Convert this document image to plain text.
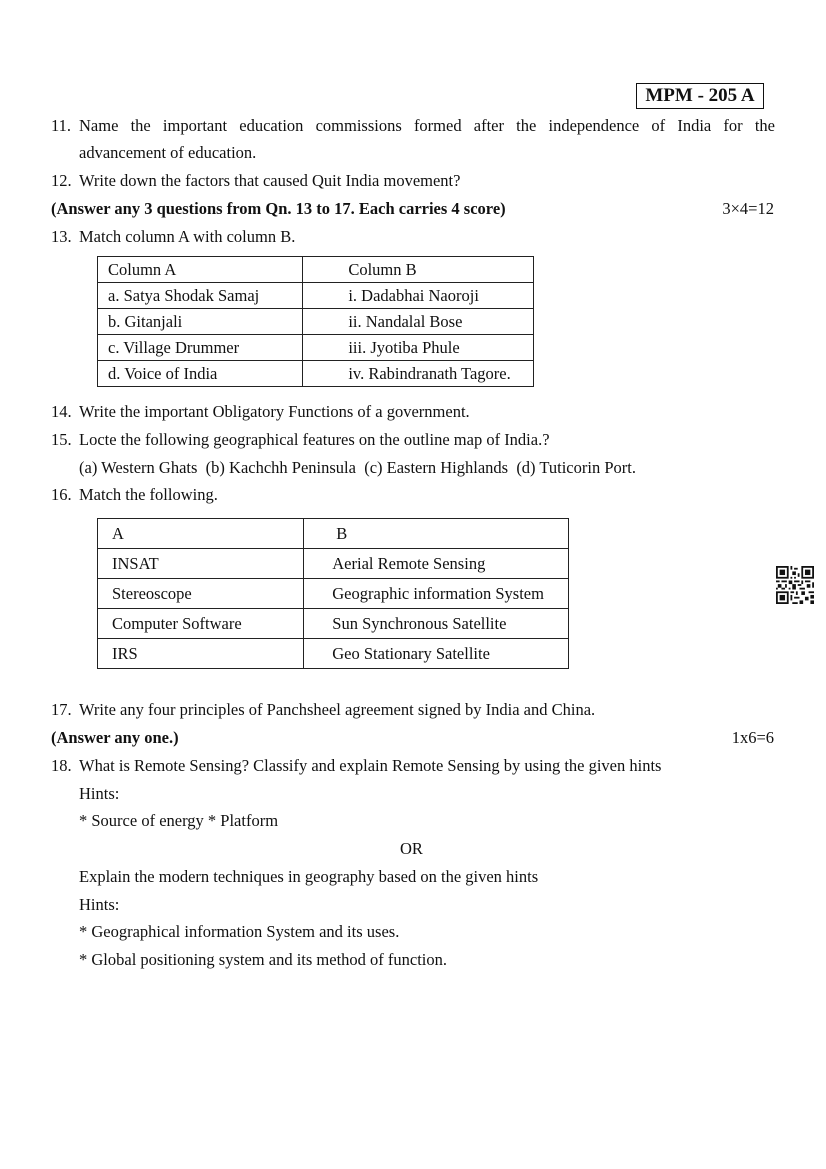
MPM - 205 A
11. Name the important education commissions formed after the independence of India for the
advancement of education.
12. Write down the factors that caused Quit India movement?
(Answer any 3 questions from Qn. 13 to 17. Each carries 4 score)	3×4=12
13. Match column A with column B.
Column A	Column B
a. Satya Shodak Samaj	i. Dadabhai Naoroji
b. Gitanjali	ii. Nandalal Bose
c. Village Drummer	iii. Jyotiba Phule
d. Voice of India	iv. Rabindranath Tagore.
14. Write the important Obligatory Functions of a government.
15. Locte the following geographical features on the outline map of India.?
(a) Western Ghats  (b) Kachchh Peninsula  (c) Eastern Highlands  (d) Tuticorin Port.
16. Match the following.
A	B
INSAT	Aerial Remote Sensing
Stereoscope	Geographic information System
Computer Software	Sun Synchronous Satellite
IRS	Geo Stationary Satellite
17. Write any four principles of Panchsheel agreement signed by India and China.
(Answer any one.)	1x6=6
18. What is Remote Sensing? Classify and explain Remote Sensing by using the given hints
Hints:
* Source of energy * Platform
OR
Explain the modern techniques in geography based on the given hints
Hints:
* Geographical information System and its uses.
* Global positioning system and its method of function.
